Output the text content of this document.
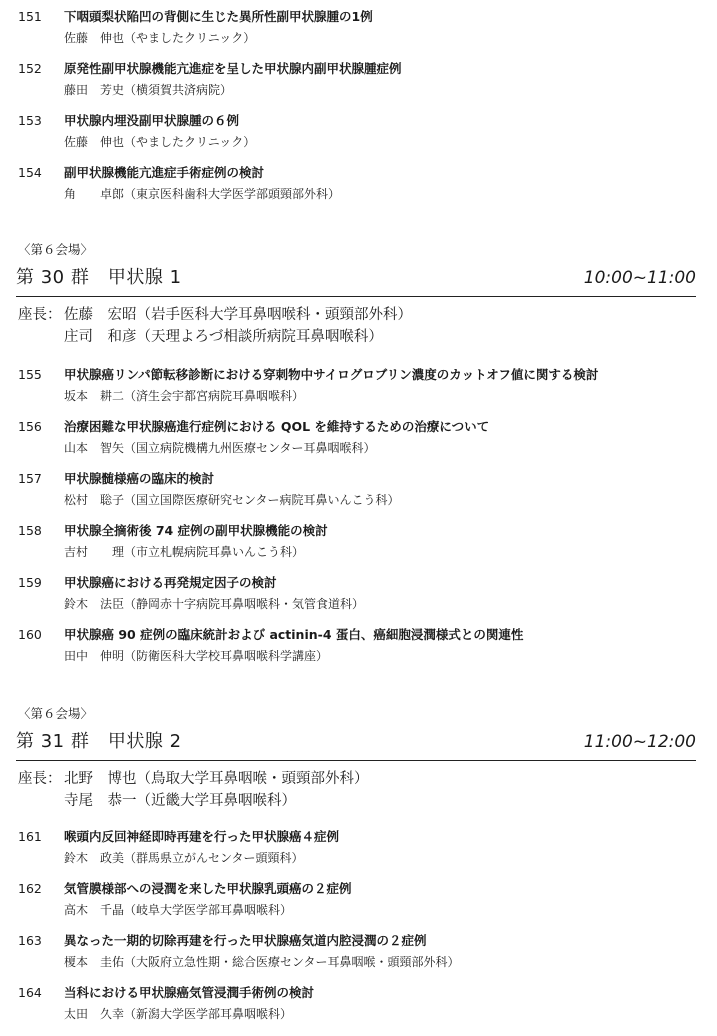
151 下咽頭梨状陥凹の背側に生じた異所性副甲状腺腫の1例
佐藤　伸也（やましたクリニック）
152 原発性副甲状腺機能亢進症を呈した甲状腺内副甲状腺腫症例
藤田　芳史（横須賀共済病院）
153 甲状腺内埋没副甲状腺腫の６例
佐藤　伸也（やましたクリニック）
154 副甲状腺機能亢進症手術症例の検討
角　　卓郎（東京医科歯科大学医学部頭頸部外科）
〈第６会場〉
第 30 群　甲状腺 1	10:00~11:00
座長： 佐藤　宏昭（岩手医科大学耳鼻咽喉科・頭頸部外科）
庄司　和彦（天理よろづ相談所病院耳鼻咽喉科）
155 甲状腺癌リンパ節転移診断における穿刺物中サイログロブリン濃度のカットオフ値に関する検討
坂本　耕二（済生会宇都宮病院耳鼻咽喉科）
156 治療困難な甲状腺癌進行症例における QOL を維持するための治療について
山本　智矢（国立病院機構九州医療センター耳鼻咽喉科）
157 甲状腺髄様癌の臨床的検討
松村　聡子（国立国際医療研究センター病院耳鼻いんこう科）
158 甲状腺全摘術後 74 症例の副甲状腺機能の検討
吉村　　理（市立札幌病院耳鼻いんこう科）
159 甲状腺癌における再発規定因子の検討
鈴木　法臣（静岡赤十字病院耳鼻咽喉科・気管食道科）
160 甲状腺癌 90 症例の臨床統計および actinin-4 蛋白、癌細胞浸潤様式との関連性
田中　伸明（防衛医科大学校耳鼻咽喉科学講座）
〈第６会場〉
第 31 群　甲状腺 2	11:00~12:00
座長： 北野　博也（鳥取大学耳鼻咽喉・頭頸部外科）
寺尾　恭一（近畿大学耳鼻咽喉科）
161 喉頭内反回神経即時再建を行った甲状腺癌４症例
鈴木　政美（群馬県立がんセンター頭頸科）
162 気管膜様部への浸潤を来した甲状腺乳頭癌の２症例
高木　千晶（岐阜大学医学部耳鼻咽喉科）
163 異なった一期的切除再建を行った甲状腺癌気道内腔浸潤の２症例
榎本　圭佑（大阪府立急性期・総合医療センター耳鼻咽喉・頭頸部外科）
164 当科における甲状腺癌気管浸潤手術例の検討
太田　久幸（新潟大学医学部耳鼻咽喉科）
